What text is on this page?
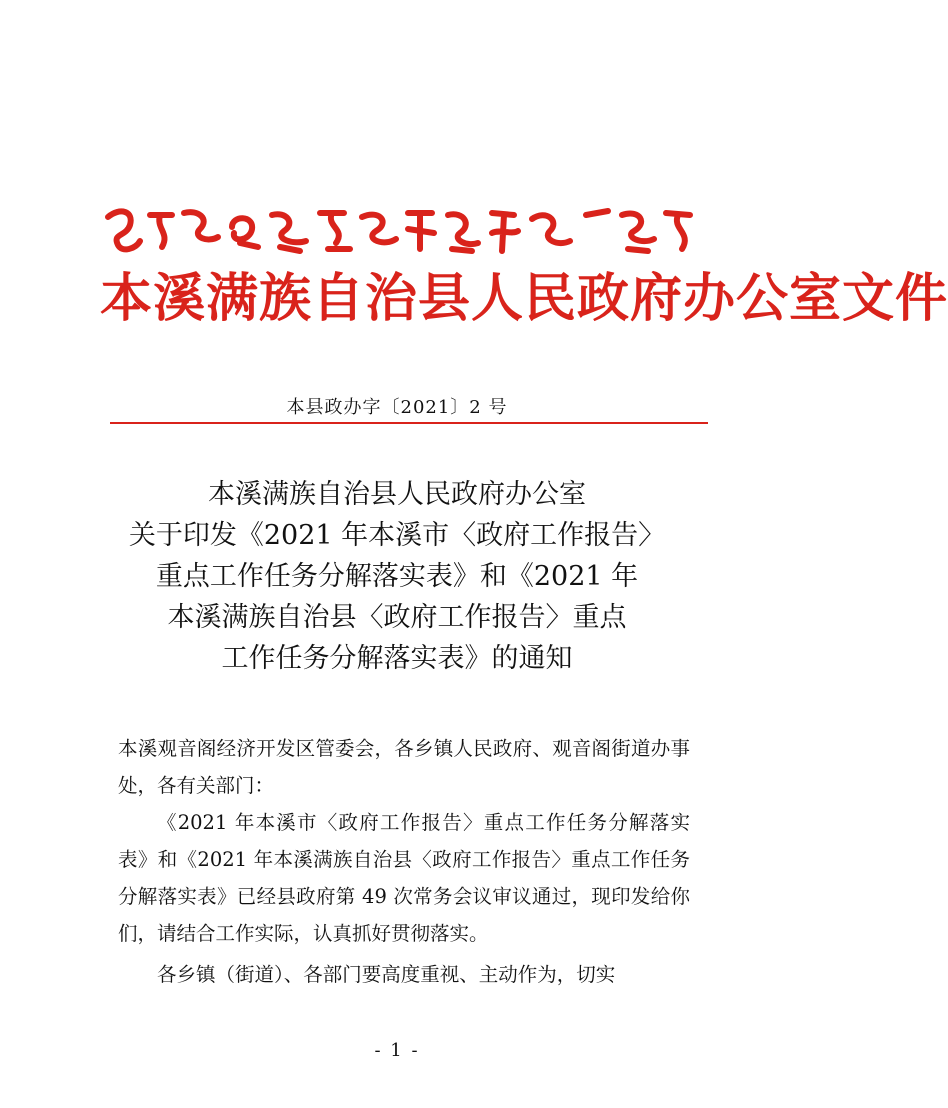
本溪满族自治县人民政府办公室文件
本县政办字〔2021〕2 号
本溪满族自治县人民政府办公室
关于印发《2021 年本溪市〈政府工作报告〉
重点工作任务分解落实表》和《2021 年
本溪满族自治县〈政府工作报告〉重点
工作任务分解落实表》的通知

本溪观音阁经济开发区管委会，各乡镇人民政府、观音阁街道办事处，各有关部门：

《2021 年本溪市〈政府工作报告〉重点工作任务分解落实表》和《2021 年本溪满族自治县〈政府工作报告〉重点工作任务分解落实表》已经县政府第 49 次常务会议审议通过，现印发给你们，请结合工作实际，认真抓好贯彻落实。

各乡镇（街道）、各部门要高度重视、主动作为，切实

- 1 -
